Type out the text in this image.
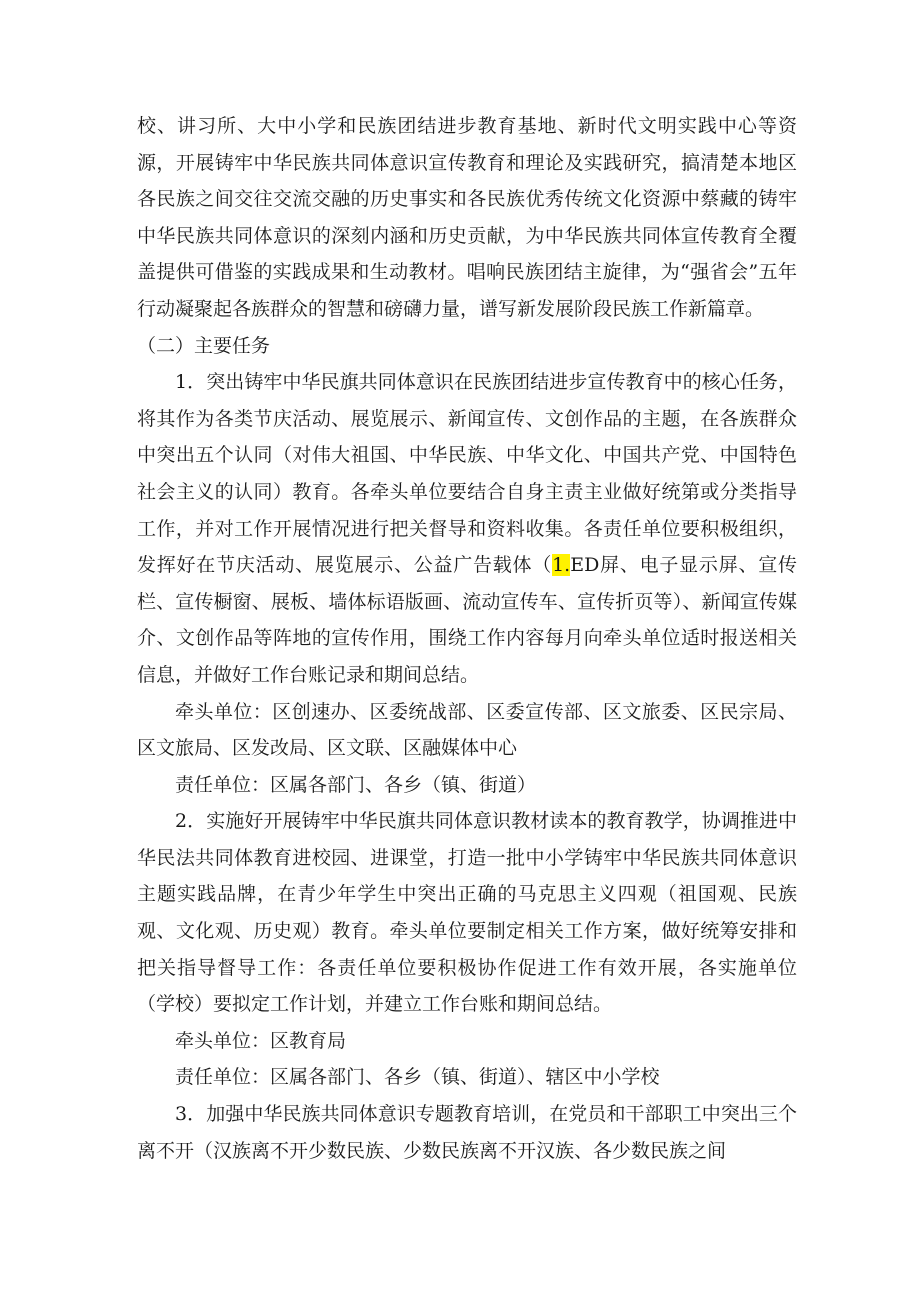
校、讲习所、大中小学和民族团结进步教育基地、新时代文明实践中心等资源，开展铸牢中华民族共同体意识宣传教育和理论及实践研究，搞清楚本地区各民族之间交往交流交融的历史事实和各民族优秀传统文化资源中蔡藏的铸牢中华民族共同体意识的深刻内涵和历史贡献，为中华民族共同体宣传教育全覆盖提供可借鉴的实践成果和生动教材。唱响民族团结主旋律，为“强省会”五年行动凝聚起各族群众的智慧和磅礴力量，谱写新发展阶段民族工作新篇章。

（二）主要任务

1．突出铸牢中华民旗共同体意识在民族团结进步宣传教育中的核心任务，将其作为各类节庆活动、展览展示、新闻宣传、文创作品的主题，在各族群众中突出五个认同（对伟大祖国、中华民族、中华文化、中国共产党、中国特色社会主义的认同）教育。各牵头单位要结合自身主责主业做好统第或分类指导工作，并对工作开展情况进行把关督导和资料收集。各责任单位要积极组织，发挥好在节庆活动、展览展示、公益广告载体（1.ED屏、电子显示屏、宣传栏、宣传橱窗、展板、墙体标语版画、流动宣传车、宣传折页等）、新闻宣传媒介、文创作品等阵地的宣传作用，围绕工作内容每月向牵头单位适时报送相关信息，并做好工作台账记录和期间总结。

牵头单位：区创速办、区委统战部、区委宣传部、区文旅委、区民宗局、区文旅局、区发改局、区文联、区融媒体中心

责任单位：区属各部门、各乡（镇、街道）

2．实施好开展铸牢中华民旗共同体意识教材读本的教育教学，协调推进中华民法共同体教育进校园、进课堂，打造一批中小学铸牢中华民族共同体意识主题实践品牌，在青少年学生中突出正确的马克思主义四观（祖国观、民族观、文化观、历史观）教育。牵头单位要制定相关工作方案，做好统筹安排和把关指导督导工作：各责任单位要积极协作促进工作有效开展，各实施单位（学校）要拟定工作计划，并建立工作台账和期间总结。

牵头单位：区教育局

责任单位：区属各部门、各乡（镇、街道）、辖区中小学校

3．加强中华民族共同体意识专题教育培训，在党员和干部职工中突出三个离不开（汉族离不开少数民族、少数民族离不开汉族、各少数民族之间
